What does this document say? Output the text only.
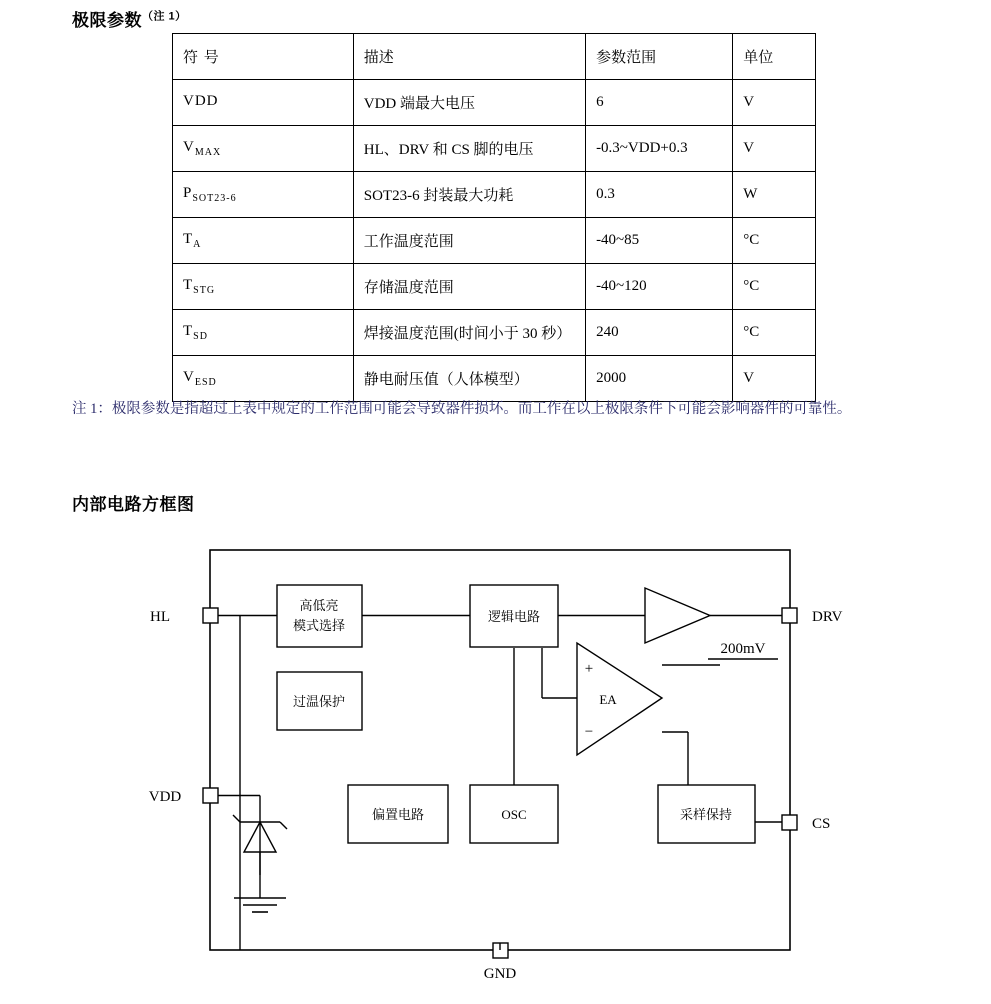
极限参数$^{(注 1)}$
符 号	描述	参数范围	单位
VDD	VDD 端最大电压	6	V
$V_{MAX}$	HL、DRV 和 CS 脚的电压	-0.3~VDD+0.3	V
$P_{SOT23-6}$	SOT23-6 封装最大功耗	0.3	W
$T_A$	工作温度范围	-40~85	°C
$T_{STG}$	存储温度范围	-40~120	°C
$T_{SD}$	焊接温度范围(时间小于 30 秒）	240	°C
$V_{ESD}$	静电耐压值（人体模型）	2000	V
注 1：极限参数是指超过上表中规定的工作范围可能会导致器件损坏。而工作在以上极限条件下可能会影响器件的可靠性。
内部电路方框图
HL
VDD
DRV
CS
GND
高低亮
模式选择
过温保护
逻辑电路
偏置电路	OSC	采样保持
EA
+
−
200mV
